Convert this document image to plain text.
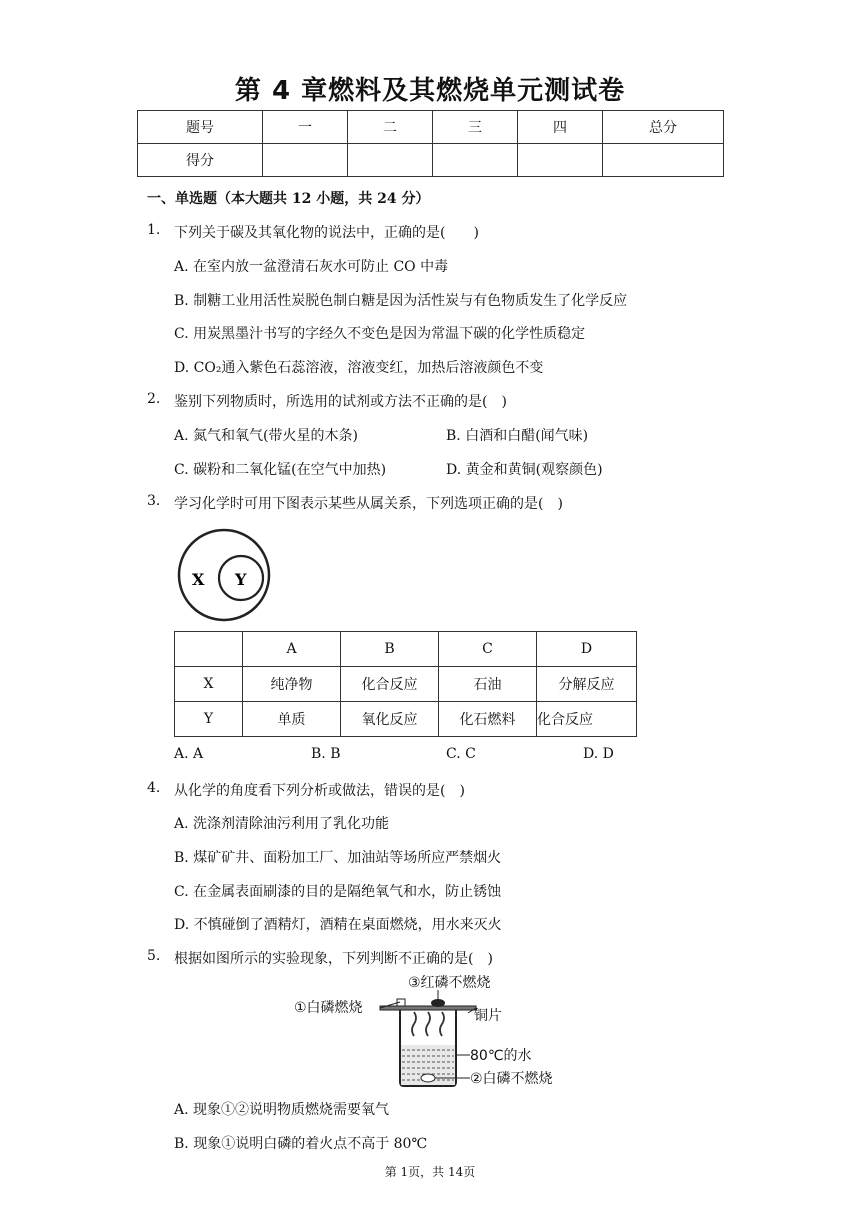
第 4 章燃料及其燃烧单元测试卷
题号	一	二	三	四	总分
得分					
一、单选题（本大题共 12 小题，共 24 分）
1. 下列关于碳及其氧化物的说法中，正确的是(　　)
A. 在室内放一盆澄清石灰水可防止 CO 中毒
B. 制糖工业用活性炭脱色制白糖是因为活性炭与有色物质发生了化学反应
C. 用炭黑墨汁书写的字经久不变色是因为常温下碳的化学性质稳定
D. CO₂通入紫色石蕊溶液，溶液变红，加热后溶液颜色不变
2. 鉴别下列物质时，所选用的试剂或方法不正确的是(　)
A. 氮气和氧气(带火星的木条)	B. 白酒和白醋(闻气味)
C. 碳粉和二氧化锰(在空气中加热)	D. 黄金和黄铜(观察颜色)
3. 学习化学时可用下图表示某些从属关系，下列选项正确的是(　)
X Y
	A	B	C	D
X	纯净物	化合反应	石油	分解反应
Y	单质	氧化反应	化石燃料	化合反应
A. A	B. B	C. C	D. D
4. 从化学的角度看下列分析或做法，错误的是(　)
A. 洗涤剂清除油污利用了乳化功能
B. 煤矿矿井、面粉加工厂、加油站等场所应严禁烟火
C. 在金属表面刷漆的目的是隔绝氧气和水，防止锈蚀
D. 不慎碰倒了酒精灯，酒精在桌面燃烧，用水来灭火
5. 根据如图所示的实验现象，下列判断不正确的是(　)
③红磷不燃烧
①白磷燃烧	铜片
80℃的水
②白磷不燃烧
A. 现象①②说明物质燃烧需要氧气
B. 现象①说明白磷的着火点不高于 80℃
第 1页，共 14页
